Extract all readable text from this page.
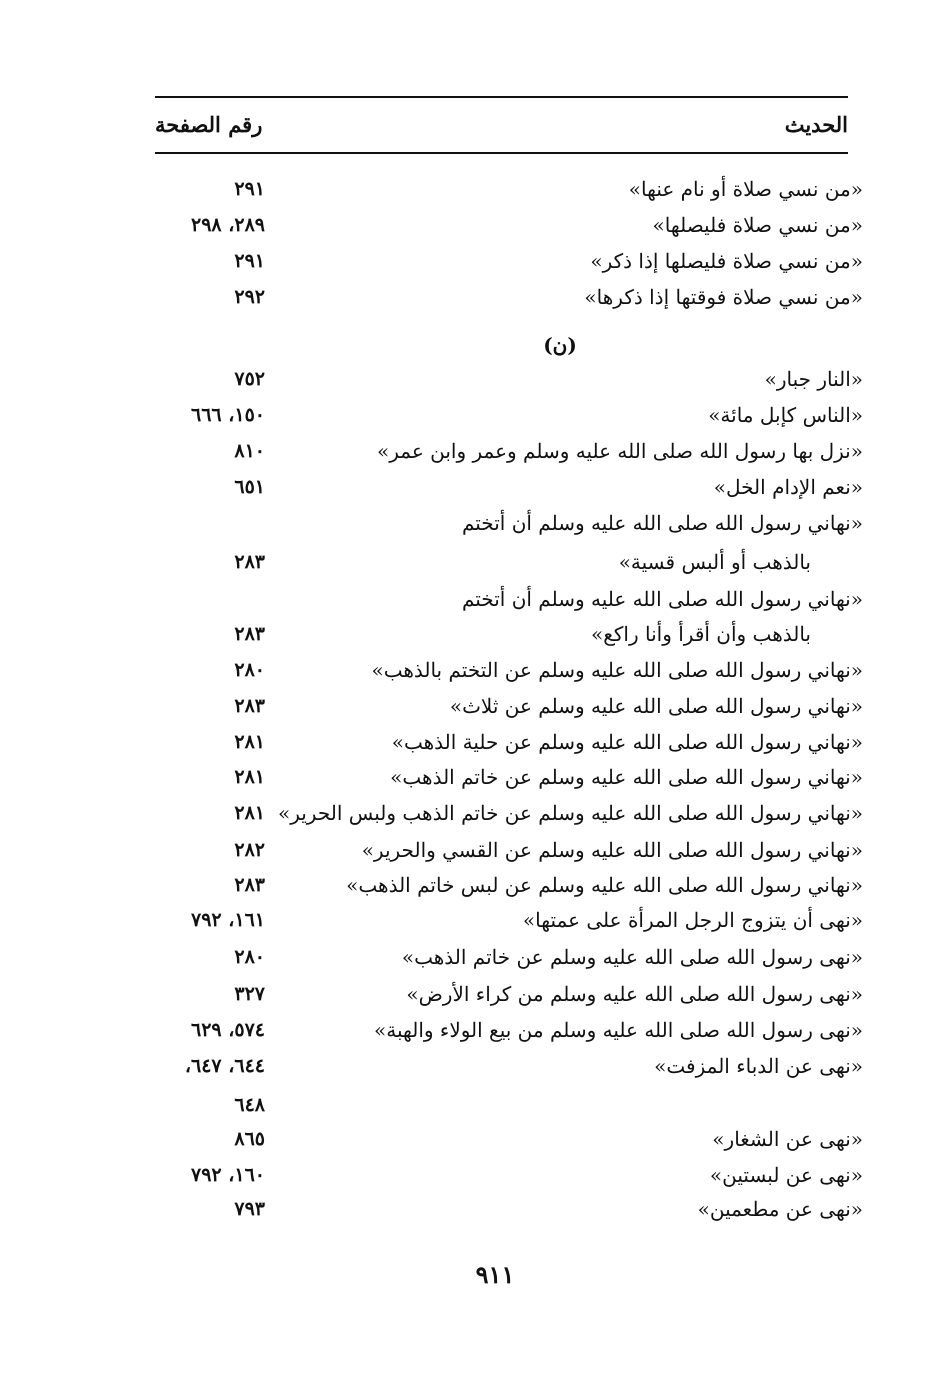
الحديث
رقم الصفحة
«من نسي صلاة أو نام عنها»
٢٩١
«من نسي صلاة فليصلها»
٢٨٩، ٢٩٨
«من نسي صلاة فليصلها إذا ذكر»
٢٩١
«من نسي صلاة فوقتها إذا ذكرها»
٢٩٢
«النار جبار»
٧٥٢
«الناس كإبل مائة»
١٥٠، ٦٦٦
«نزل بها رسول الله صلى الله عليه وسلم وعمر وابن عمر»
٨١٠
«نعم الإدام الخل»
٦٥١
«نهاني رسول الله صلى الله عليه وسلم أن أتختم
بالذهب أو ألبس قسية»
٢٨٣
«نهاني رسول الله صلى الله عليه وسلم أن أتختم
بالذهب وأن أقرأ وأنا راكع»
٢٨٣
«نهاني رسول الله صلى الله عليه وسلم عن التختم بالذهب»
٢٨٠
«نهاني رسول الله صلى الله عليه وسلم عن ثلاث»
٢٨٣
«نهاني رسول الله صلى الله عليه وسلم عن حلية الذهب»
٢٨١
«نهاني رسول الله صلى الله عليه وسلم عن خاتم الذهب»
٢٨١
«نهاني رسول الله صلى الله عليه وسلم عن خاتم الذهب ولبس الحرير»
٢٨١
«نهاني رسول الله صلى الله عليه وسلم عن القسي والحرير»
٢٨٢
«نهاني رسول الله صلى الله عليه وسلم عن لبس خاتم الذهب»
٢٨٣
«نهى أن يتزوج الرجل المرأة على عمتها»
١٦١، ٧٩٢
«نهى رسول الله صلى الله عليه وسلم عن خاتم الذهب»
٢٨٠
«نهى رسول الله صلى الله عليه وسلم من كراء الأرض»
٣٢٧
«نهى رسول الله صلى الله عليه وسلم من بيع الولاء والهبة»
٥٧٤، ٦٢٩
«نهى عن الدباء المزفت»
٦٤٤، ٦٤٧،
٦٤٨
«نهى عن الشغار»
٨٦٥
«نهى عن لبستين»
١٦٠، ٧٩٢
«نهى عن مطعمين»
٧٩٣
(ن)
٩١١
